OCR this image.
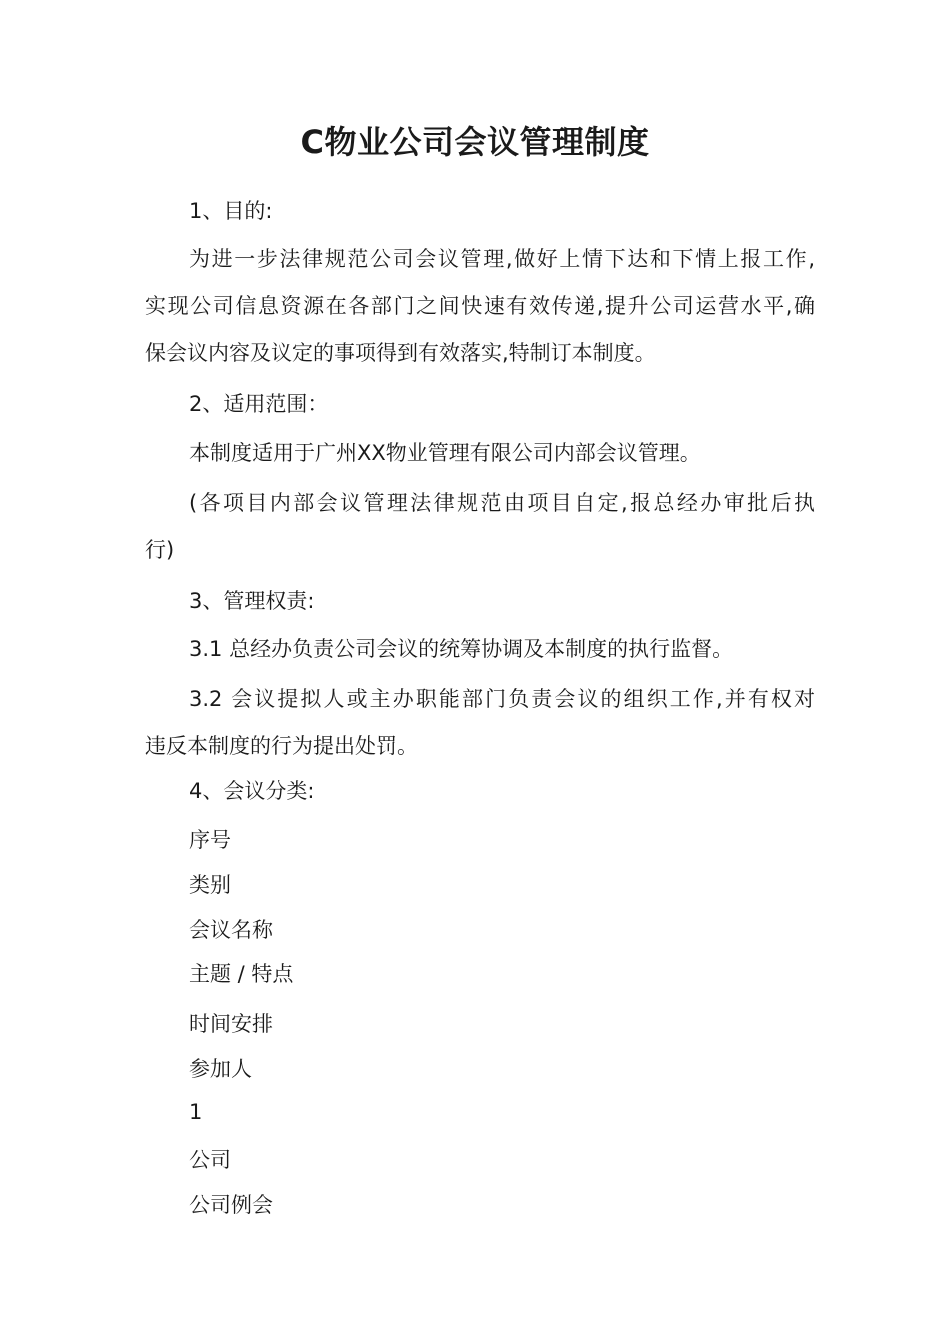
C物业公司会议管理制度

1、目的:

为进一步法律规范公司会议管理,做好上情下达和下情上报工作,

实现公司信息资源在各部门之间快速有效传递,提升公司运营水平,确

保会议内容及议定的事项得到有效落实,特制订本制度。

2、适用范围：

本制度适用于广州XX物业管理有限公司内部会议管理。

(各项目内部会议管理法律规范由项目自定,报总经办审批后执

行)

3、管理权责:

3.1 总经办负责公司会议的统筹协调及本制度的执行监督。

3.2 会议提拟人或主办职能部门负责会议的组织工作,并有权对

违反本制度的行为提出处罚。

4、会议分类:

序号

类别

会议名称

主题 / 特点

时间安排

参加人

1

公司

公司例会
